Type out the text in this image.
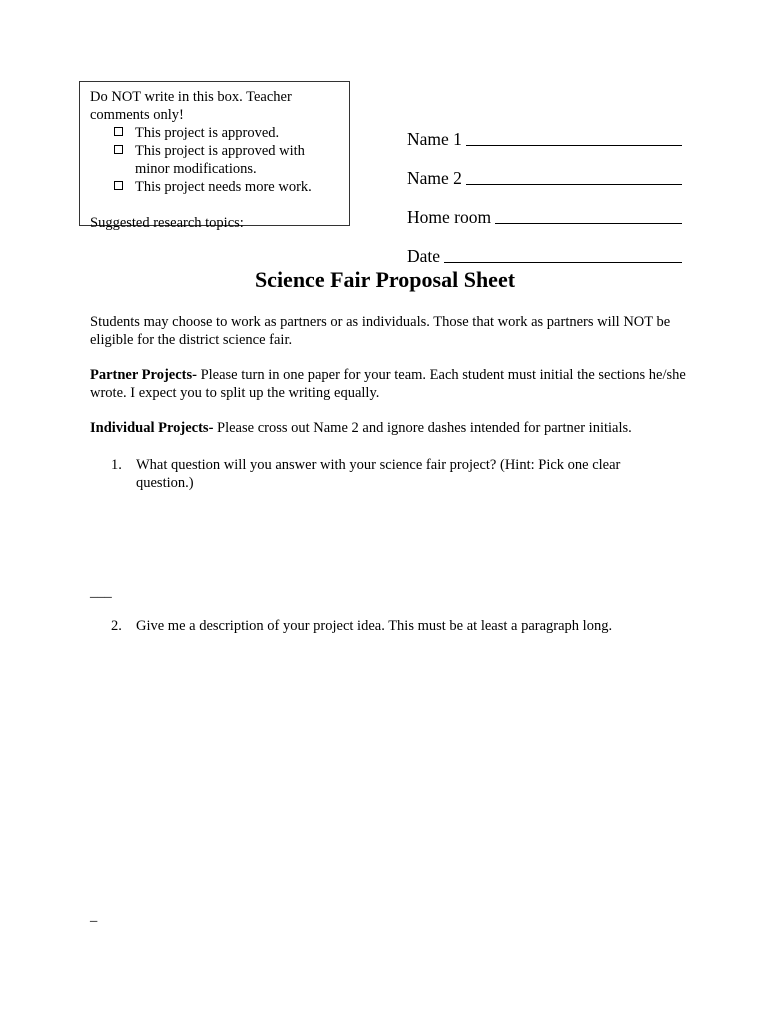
Do NOT write in this box. Teacher comments only!

This project is approved.
This project is approved with minor modifications.
This project needs more work.
Suggested research topics:
Name 1
Name 2
Home room
Date
Science Fair Proposal Sheet

Students may choose to work as partners or as individuals. Those that work as partners will NOT be eligible for the district science fair.

Partner Projects- Please turn in one paper for your team. Each student must initial the sections he/she wrote. I expect you to split up the writing equally.

Individual Projects- Please cross out Name 2 and ignore dashes intended for partner initials.

1. What question will you answer with your science fair project? (Hint: Pick one clear question.)
___
2. Give me a description of your project idea. This must be at least a paragraph long.
_
